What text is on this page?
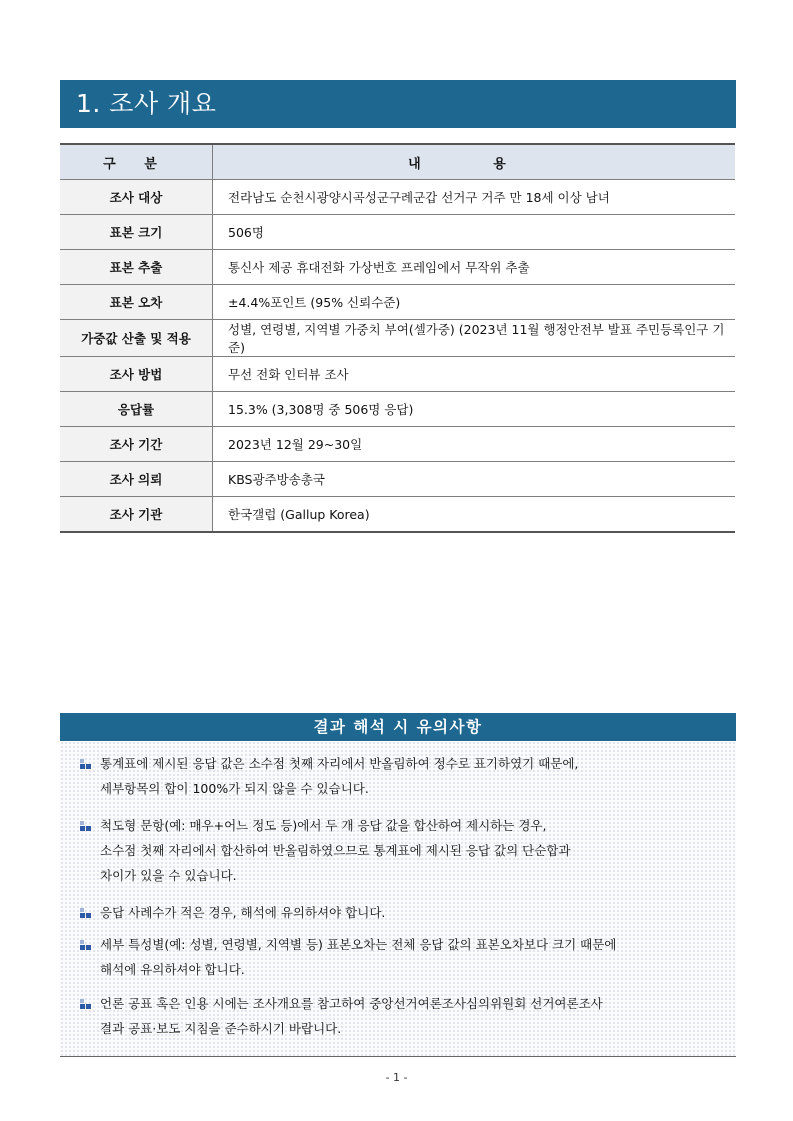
1. 조사 개요
구 분	내 용
조사 대상	전라남도 순천시광양시곡성군구례군갑 선거구 거주 만 18세 이상 남녀
표본 크기	506명
표본 추출	통신사 제공 휴대전화 가상번호 프레임에서 무작위 추출
표본 오차	±4.4%포인트 (95% 신뢰수준)
가중값 산출 및 적용	성별, 연령별, 지역별 가중치 부여(셀가중) (2023년 11월 행정안전부 발표 주민등록인구 기준)
조사 방법	무선 전화 인터뷰 조사
응답률	15.3% (3,308명 중 506명 응답)
조사 기간	2023년 12월 29~30일
조사 의뢰	KBS광주방송총국
조사 기관	한국갤럽 (Gallup Korea)
결과 해석 시 유의사항
통계표에 제시된 응답 값은 소수점 첫째 자리에서 반올림하여 정수로 표기하였기 때문에,
세부항목의 합이 100%가 되지 않을 수 있습니다.
척도형 문항(예: 매우+어느 정도 등)에서 두 개 응답 값을 합산하여 제시하는 경우,
소수점 첫째 자리에서 합산하여 반올림하였으므로 통계표에 제시된 응답 값의 단순합과
차이가 있을 수 있습니다.
응답 사례수가 적은 경우, 해석에 유의하셔야 합니다.
세부 특성별(예: 성별, 연령별, 지역별 등) 표본오차는 전체 응답 값의 표본오차보다 크기 때문에
해석에 유의하셔야 합니다.
언론 공표 혹은 인용 시에는 조사개요를 참고하여 중앙선거여론조사심의위원회 선거여론조사
결과 공표·보도 지침을 준수하시기 바랍니다.
- 1 -
